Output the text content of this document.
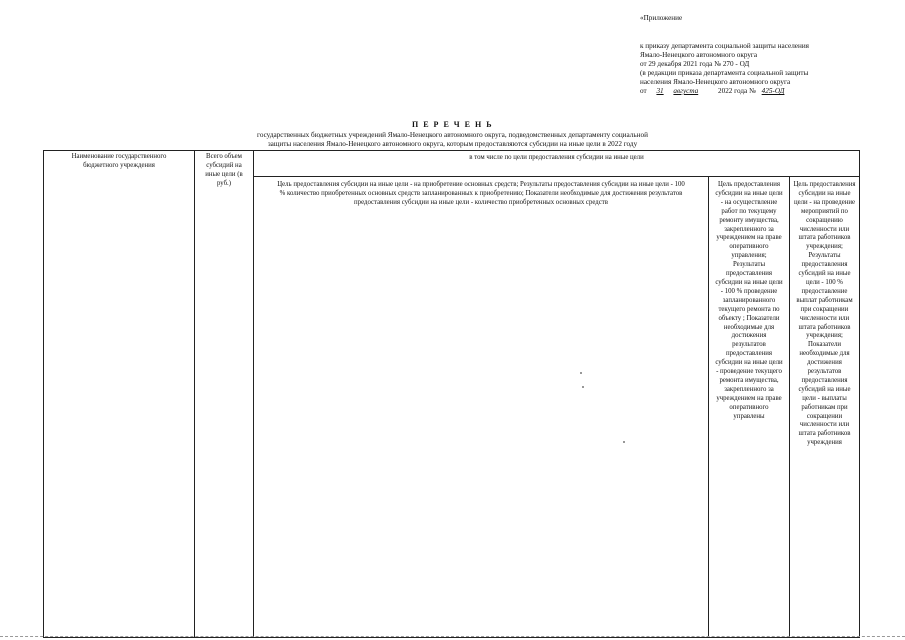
«Приложение
к приказу департамента социальной защиты населения
Ямало-Ненецкого автономного округа
от 29 декабря 2021 года № 270 - ОД
(в редакции приказа департамента социальной защиты
населения Ямало-Ненецкого автономного округа
от 31 августа	2022 года № 425-ОД
П Е Р Е Ч Е Н Ь
государственных бюджетных учреждений Ямало-Ненецкого автономного округа, подведомственных департаменту социальной
защиты населения Ямало-Ненецкого автономного округа, которым предоставляются субсидии на иные цели в 2022 году
Наименование государственного бюджетного учреждения
Всего объем субсидий на иные цели (в руб.)
в том числе по цели предоставления субсидии на иные цели
Цель предоставления субсидии на иные цели - на приобретение основных средств; Результаты предоставления субсидии на иные цели - 100 % количество приобретенных основных средств запланированных к приобретению; Показатели необходимые для достижения результатов предоставления субсидии на иные цели - количество приобретенных основных средств
Цель предоставления субсидии на иные цели - на осуществление работ по текущему ремонту имущества, закрепленного за учреждением на праве оперативного управления; Результаты предоставления субсидии на иные цели - 100 % проведение запланированного текущего ремонта по объекту ; Показатели необходимые для достижения результатов предоставления субсидии на иные цели - проведение текущего ремонта имущества, закрепленного за учреждением на праве оперативного управлены
Цель предоставления субсидии на иные цели - на проведение мероприятий по сокращению численности или штата работников учреждения; Результаты предоставления субсидий на иные цели - 100 % предоставление выплат работникам при сокращении численности или штата работников учреждения; Показатели необходимые для достижения результатов предоставления субсидий на иные цели - выплаты работникам при сокращении численности или штата работников учреждения
